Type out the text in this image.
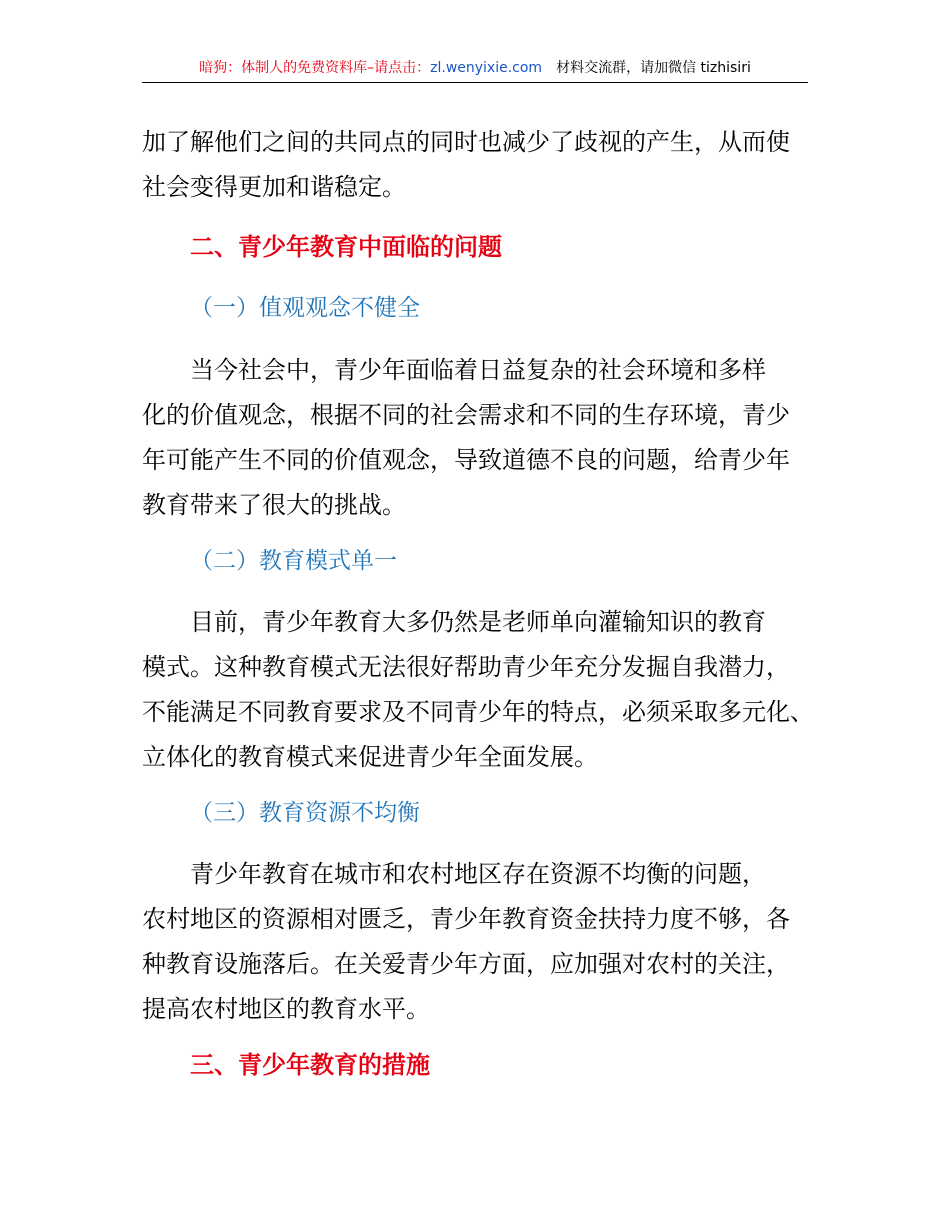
暗狗：体制人的免费资料库–请点击：zl.wenyixie.com 材料交流群，请加微信 tizhisiri
加了解他们之间的共同点的同时也减少了歧视的产生，从而使
社会变得更加和谐稳定。
二、青少年教育中面临的问题
（一）值观观念不健全
当今社会中，青少年面临着日益复杂的社会环境和多样
化的价值观念，根据不同的社会需求和不同的生存环境，青少
年可能产生不同的价值观念，导致道德不良的问题，给青少年
教育带来了很大的挑战。
（二）教育模式单一
目前，青少年教育大多仍然是老师单向灌输知识的教育
模式。这种教育模式无法很好帮助青少年充分发掘自我潜力，
不能满足不同教育要求及不同青少年的特点，必须采取多元化、
立体化的教育模式来促进青少年全面发展。
（三）教育资源不均衡
青少年教育在城市和农村地区存在资源不均衡的问题，
农村地区的资源相对匮乏，青少年教育资金扶持力度不够，各
种教育设施落后。在关爱青少年方面，应加强对农村的关注，
提高农村地区的教育水平。
三、青少年教育的措施
